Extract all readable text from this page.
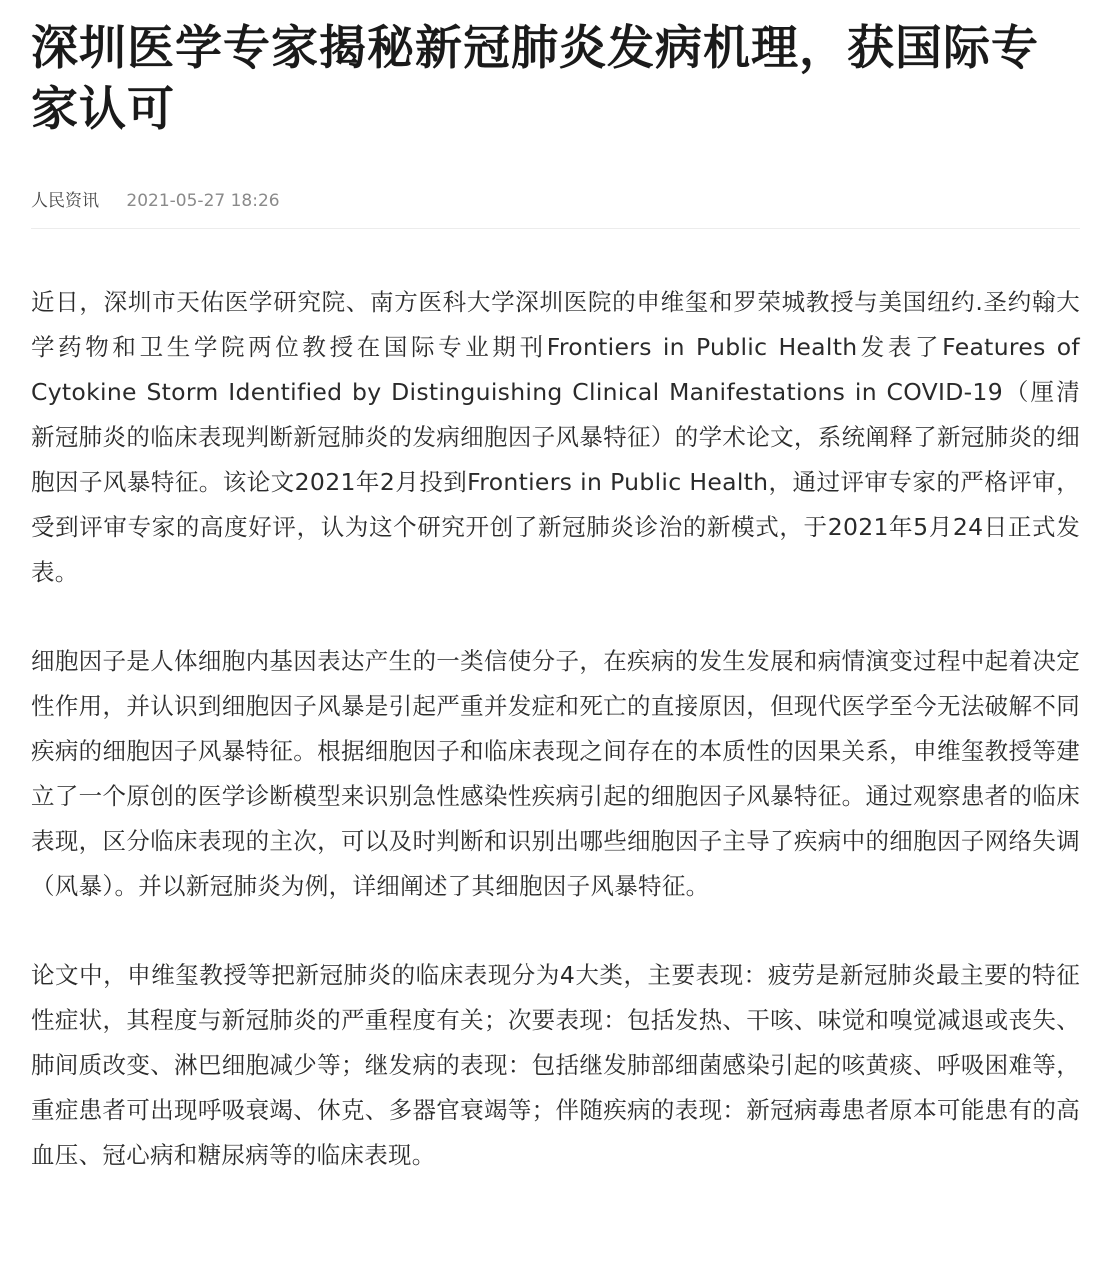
深圳医学专家揭秘新冠肺炎发病机理，获国际专家认可
人民资讯 2021-05-27 18:26

近日，深圳市天佑医学研究院、南方医科大学深圳医院的申维玺和罗荣城教授与美国纽约.圣约翰大学药物和卫生学院两位教授在国际专业期刊Frontiers in Public Health发表了Features of Cytokine Storm Identified by Distinguishing Clinical Manifestations in COVID-19（厘清新冠肺炎的临床表现判断新冠肺炎的发病细胞因子风暴特征）的学术论文，系统阐释了新冠肺炎的细胞因子风暴特征。该论文2021年2月投到Frontiers in Public Health，通过评审专家的严格评审，受到评审专家的高度好评，认为这个研究开创了新冠肺炎诊治的新模式，于2021年5月24日正式发表。

细胞因子是人体细胞内基因表达产生的一类信使分子，在疾病的发生发展和病情演变过程中起着决定性作用，并认识到细胞因子风暴是引起严重并发症和死亡的直接原因，但现代医学至今无法破解不同疾病的细胞因子风暴特征。根据细胞因子和临床表现之间存在的本质性的因果关系，申维玺教授等建立了一个原创的医学诊断模型来识别急性感染性疾病引起的细胞因子风暴特征。通过观察患者的临床表现，区分临床表现的主次，可以及时判断和识别出哪些细胞因子主导了疾病中的细胞因子网络失调（风暴）。并以新冠肺炎为例，详细阐述了其细胞因子风暴特征。

论文中，申维玺教授等把新冠肺炎的临床表现分为4大类，主要表现：疲劳是新冠肺炎最主要的特征性症状，其程度与新冠肺炎的严重程度有关；次要表现：包括发热、干咳、味觉和嗅觉减退或丧失、肺间质改变、淋巴细胞减少等；继发病的表现：包括继发肺部细菌感染引起的咳黄痰、呼吸困难等，重症患者可出现呼吸衰竭、休克、多器官衰竭等；伴随疾病的表现：新冠病毒患者原本可能患有的高血压、冠心病和糖尿病等的临床表现。
